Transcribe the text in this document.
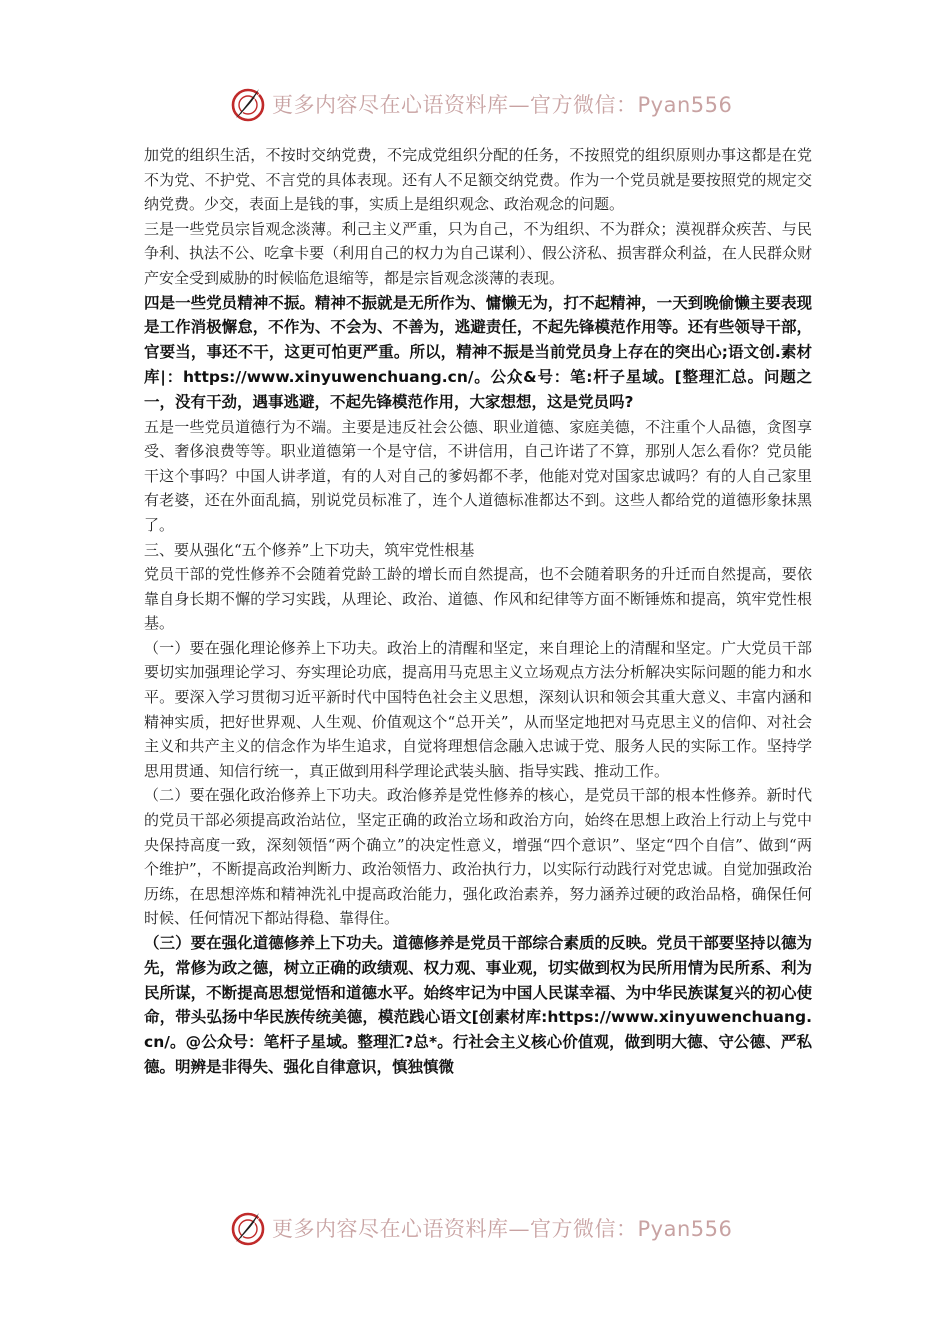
更多内容尽在心语资料库—官方微信：Pyan556

加党的组织生活，不按时交纳党费，不完成党组织分配的任务，不按照党的组织原则办事这都是在党不为党、不护党、不言党的具体表现。还有人不足额交纳党费。作为一个党员就是要按照党的规定交纳党费。少交，表面上是钱的事，实质上是组织观念、政治观念的问题。

三是一些党员宗旨观念淡薄。利己主义严重，只为自己，不为组织、不为群众；漠视群众疾苦、与民争利、执法不公、吃拿卡要（利用自己的权力为自己谋利）、假公济私、损害群众利益，在人民群众财产安全受到威胁的时候临危退缩等，都是宗旨观念淡薄的表现。

四是一些党员精神不振。精神不振就是无所作为、慵懒无为，打不起精神，一天到晚偷懒主要表现是工作消极懈怠，不作为、不会为、不善为，逃避责任，不起先锋模范作用等。还有些领导干部，官要当，事还不干，这更可怕更严重。所以，精神不振是当前党员身上存在的突出心;语文创.素材库|：https://www.xinyuwenchuang.cn/。公众&号：笔:杆子星域。[整理汇总。问题之一，没有干劲，遇事逃避，不起先锋模范作用，大家想想，这是党员吗?

五是一些党员道德行为不端。主要是违反社会公德、职业道德、家庭美德，不注重个人品德，贪图享受、奢侈浪费等等。职业道德第一个是守信，不讲信用，自己许诺了不算，那别人怎么看你？党员能干这个事吗？中国人讲孝道，有的人对自己的爹妈都不孝，他能对党对国家忠诚吗？有的人自己家里有老婆，还在外面乱搞，别说党员标准了，连个人道德标准都达不到。这些人都给党的道德形象抹黑了。

三、要从强化“五个修养”上下功夫，筑牢党性根基

党员干部的党性修养不会随着党龄工龄的增长而自然提高，也不会随着职务的升迁而自然提高，要依靠自身长期不懈的学习实践，从理论、政治、道德、作风和纪律等方面不断锤炼和提高，筑牢党性根基。

（一）要在强化理论修养上下功夫。政治上的清醒和坚定，来自理论上的清醒和坚定。广大党员干部要切实加强理论学习、夯实理论功底，提高用马克思主义立场观点方法分析解决实际问题的能力和水平。要深入学习贯彻习近平新时代中国特色社会主义思想，深刻认识和领会其重大意义、丰富内涵和精神实质，把好世界观、人生观、价值观这个“总开关”，从而坚定地把对马克思主义的信仰、对社会主义和共产主义的信念作为毕生追求，自觉将理想信念融入忠诚于党、服务人民的实际工作。坚持学思用贯通、知信行统一，真正做到用科学理论武装头脑、指导实践、推动工作。

（二）要在强化政治修养上下功夫。政治修养是党性修养的核心，是党员干部的根本性修养。新时代的党员干部必须提高政治站位，坚定正确的政治立场和政治方向，始终在思想上政治上行动上与党中央保持高度一致，深刻领悟“两个确立”的决定性意义，增强“四个意识”、坚定“四个自信”、做到“两个维护”，不断提高政治判断力、政治领悟力、政治执行力，以实际行动践行对党忠诚。自觉加强政治历练，在思想淬炼和精神洗礼中提高政治能力，强化政治素养，努力涵养过硬的政治品格，确保任何时候、任何情况下都站得稳、靠得住。

（三）要在强化道德修养上下功夫。道德修养是党员干部综合素质的反映。党员干部要坚持以德为先，常修为政之德，树立正确的政绩观、权力观、事业观，切实做到权为民所用情为民所系、利为民所谋，不断提高思想觉悟和道德水平。始终牢记为中国人民谋幸福、为中华民族谋复兴的初心使命，带头弘扬中华民族传统美德，模范践心语文[创素材库:https://www.xinyuwenchuang.cn/。@公众号：笔杆子星域。整理汇?总*。行社会主义核心价值观，做到明大德、守公德、严私德。明辨是非得失、强化自律意识，慎独慎微

更多内容尽在心语资料库—官方微信：Pyan556
